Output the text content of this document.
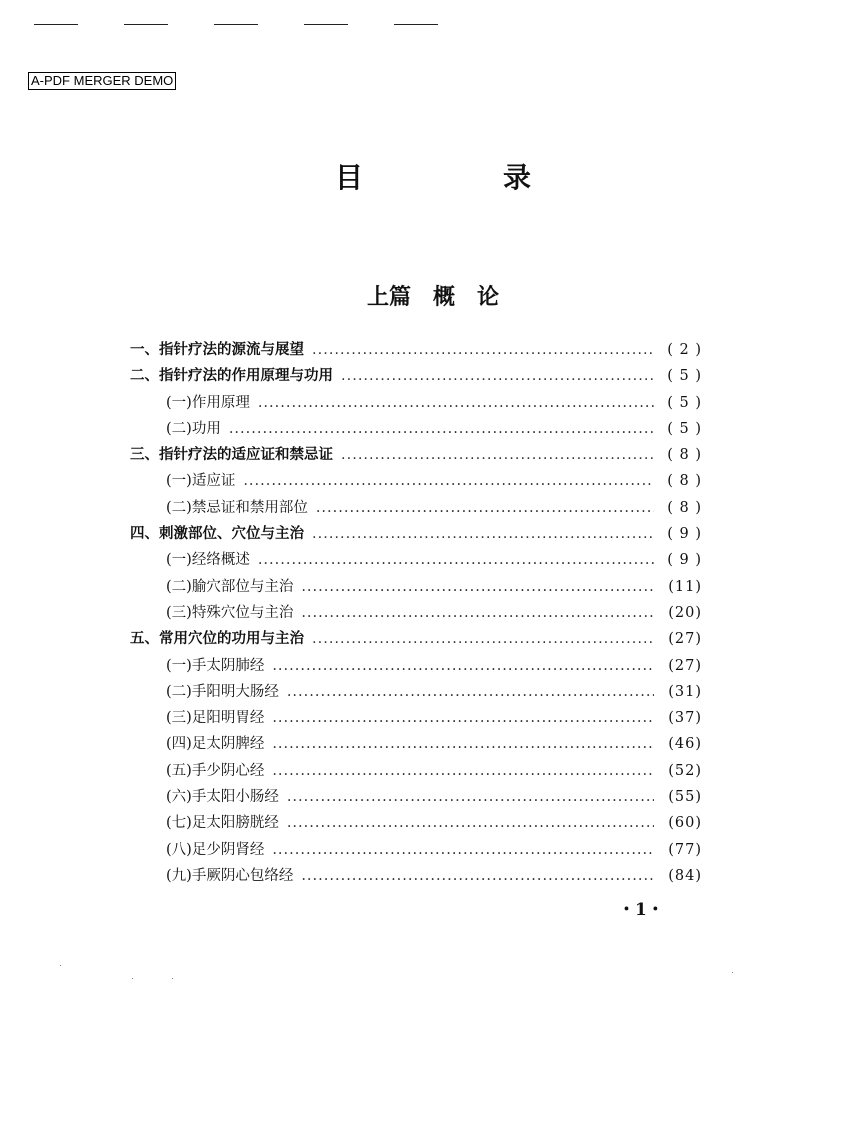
A-PDF MERGER DEMO
目　录
上篇　概　论
一、指针疗法的源流与展望 .....	( 2 )
二、指针疗法的作用原理与功用 .....	( 5 )
(一)作用原理 .....	( 5 )
(二)功用 .....	( 5 )
三、指针疗法的适应证和禁忌证 .....	( 8 )
(一)适应证 .....	( 8 )
(二)禁忌证和禁用部位 .....	( 8 )
四、刺激部位、穴位与主治 .....	( 9 )
(一)经络概述 .....	( 9 )
(二)腧穴部位与主治 .....	(11)
(三)特殊穴位与主治 .....	(20)
五、常用穴位的功用与主治 .....	(27)
(一)手太阴肺经 .....	(27)
(二)手阳明大肠经 .....	(31)
(三)足阳明胃经 .....	(37)
(四)足太阴脾经 .....	(46)
(五)手少阴心经 .....	(52)
(六)手太阳小肠经 .....	(55)
(七)足太阳膀胱经 .....	(60)
(八)足少阴肾经 .....	(77)
(九)手厥阴心包络经 .....	(84)
・1・
